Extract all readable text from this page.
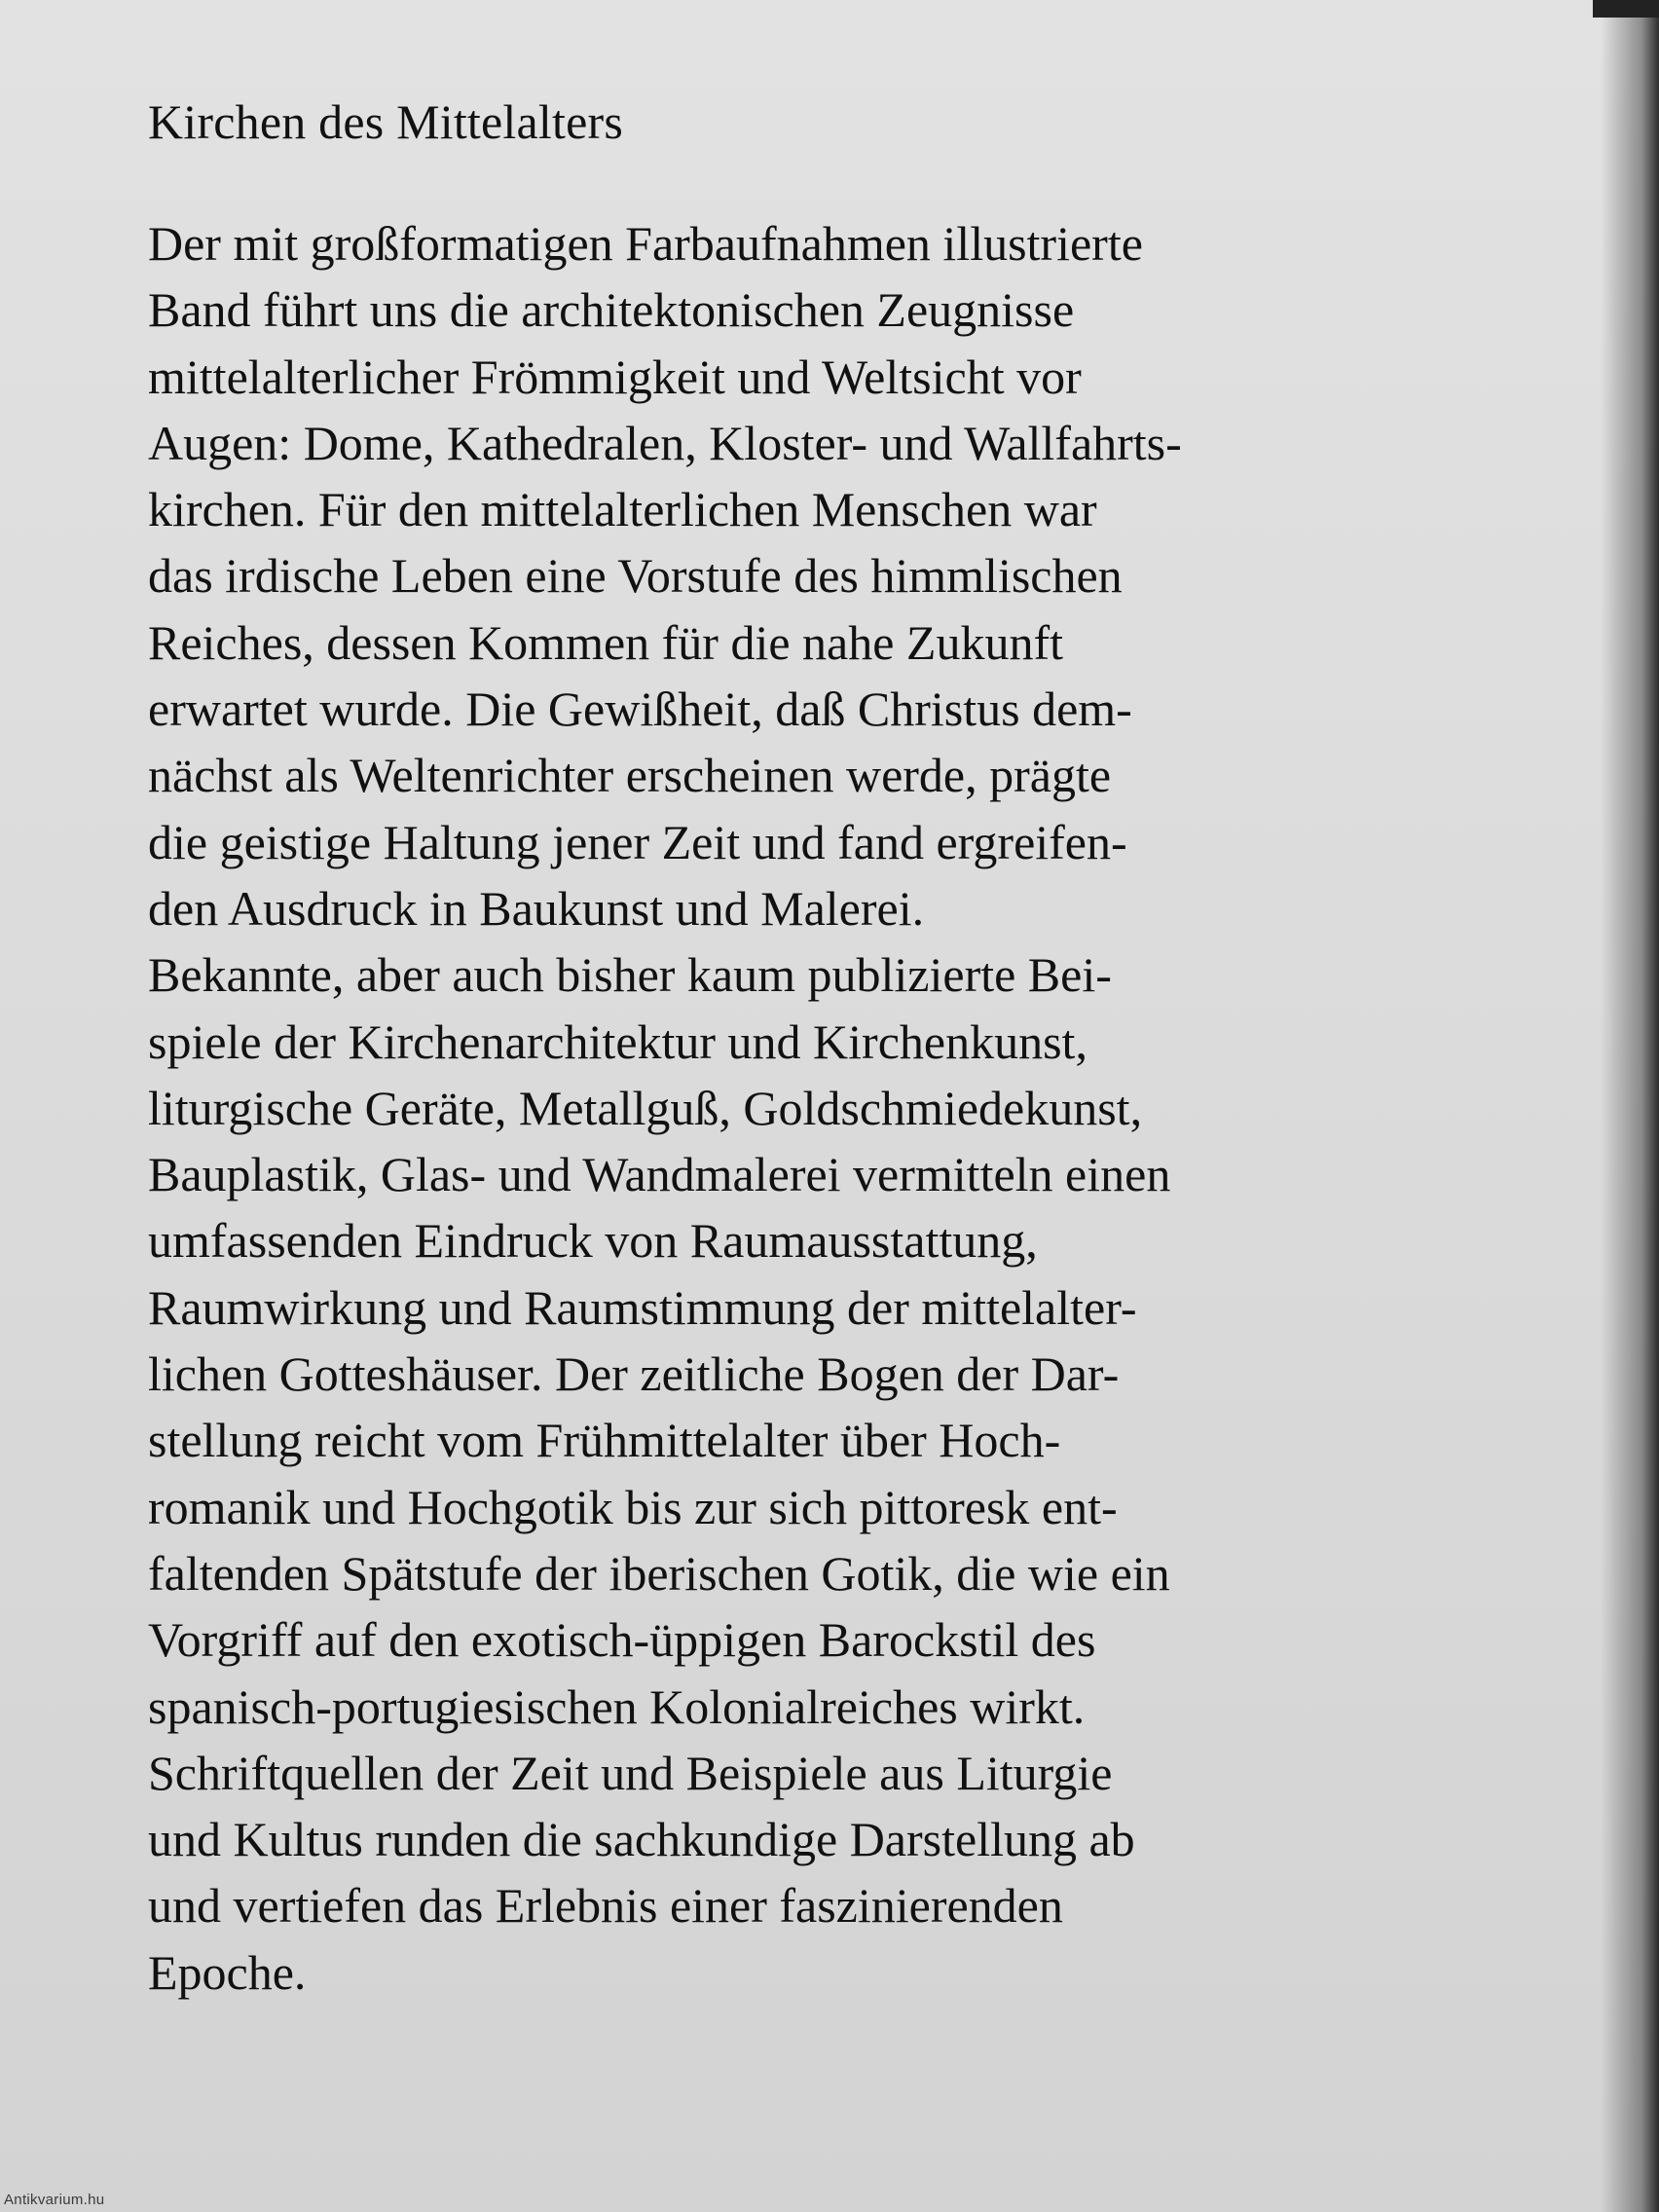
Kirchen des Mittelalters
Der mit großformatigen Farbaufnahmen illustrierte
Band führt uns die architektonischen Zeugnisse
mittelalterlicher Frömmigkeit und Weltsicht vor
Augen: Dome, Kathedralen, Kloster- und Wallfahrts-
kirchen. Für den mittelalterlichen Menschen war
das irdische Leben eine Vorstufe des himmlischen
Reiches, dessen Kommen für die nahe Zukunft
erwartet wurde. Die Gewißheit, daß Christus dem-
nächst als Weltenrichter erscheinen werde, prägte
die geistige Haltung jener Zeit und fand ergreifen-
den Ausdruck in Baukunst und Malerei.
Bekannte, aber auch bisher kaum publizierte Bei-
spiele der Kirchenarchitektur und Kirchenkunst,
liturgische Geräte, Metallguß, Goldschmiedekunst,
Bauplastik, Glas- und Wandmalerei vermitteln einen
umfassenden Eindruck von Raumausstattung,
Raumwirkung und Raumstimmung der mittelalter-
lichen Gotteshäuser. Der zeitliche Bogen der Dar-
stellung reicht vom Frühmittelalter über Hoch-
romanik und Hochgotik bis zur sich pittoresk ent-
faltenden Spätstufe der iberischen Gotik, die wie ein
Vorgriff auf den exotisch-üppigen Barockstil des
spanisch-portugiesischen Kolonialreiches wirkt.
Schriftquellen der Zeit und Beispiele aus Liturgie
und Kultus runden die sachkundige Darstellung ab
und vertiefen das Erlebnis einer faszinierenden
Epoche.
Antikvarium.hu
